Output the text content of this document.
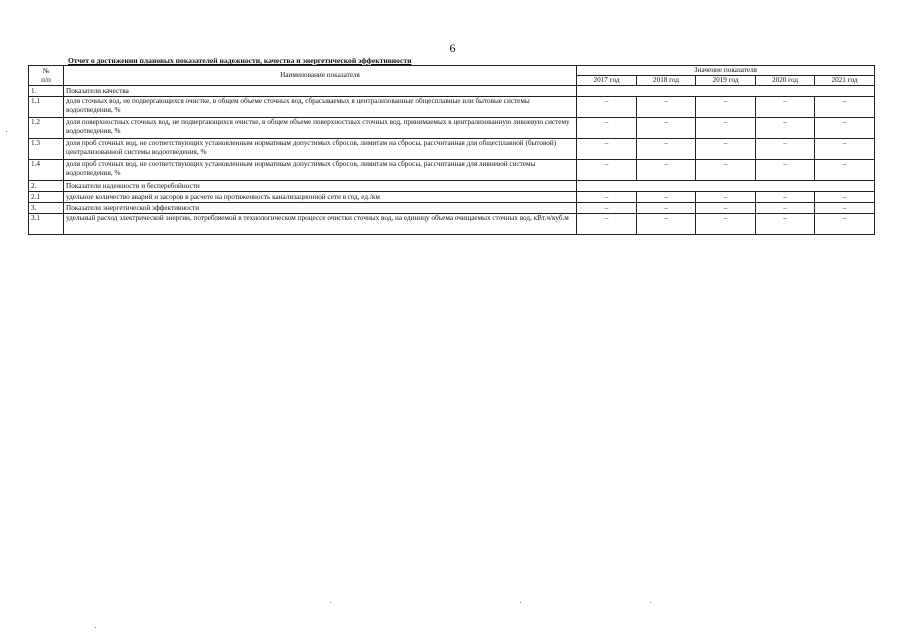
6
Отчет о достижении плановых показателей надежности, качества и энергетической эффективности
№
п/п	Наименование показателя	Значение показателя				
		2017 год	2018 год	2019 год	2020 год	2021 год
1.	Показатели качества					
1.1	доля сточных вод, не подвергающихся очистке, в общем объеме сточных вод, сбрасываемых в централизованные общесплавные или бытовые системы водоотведения, %	–	–	–	–	–
1.2	доля поверхностных сточных вод, не подвергающихся очистке, в общем объеме поверхностных сточных вод, принимаемых в централизованную ливневую систему водоотведения, %	–	–	–	–	–
1.3	доля проб сточных вод, не соответствующих установленным нормативам допустимых сбросов, лимитам на сбросы, рассчитанная для общесплавной (бытовой) централизованной системы водоотведения, %	–	–	–	–	–
1.4	доля проб сточных вод, не соответствующих установленным нормативам допустимых сбросов, лимитам на сбросы, рассчитанная для ливневой системы водоотведения, %	–	–	–	–	–
2.	Показатели надежности и бесперебойности					
2.1	удельное количество аварий и засоров в расчете на протяженность канализационной сети в год, ед./км	–	–	–	–	–
3.	Показатели энергетической эффективности	–	–	–	–	–
3.1	удельный расход электрической энергии, потребляемой в технологическом процессе очистки сточных вод, на единицу объема очищаемых сточных вод, кВт.ч/куб.м	–	–	–	–	–
